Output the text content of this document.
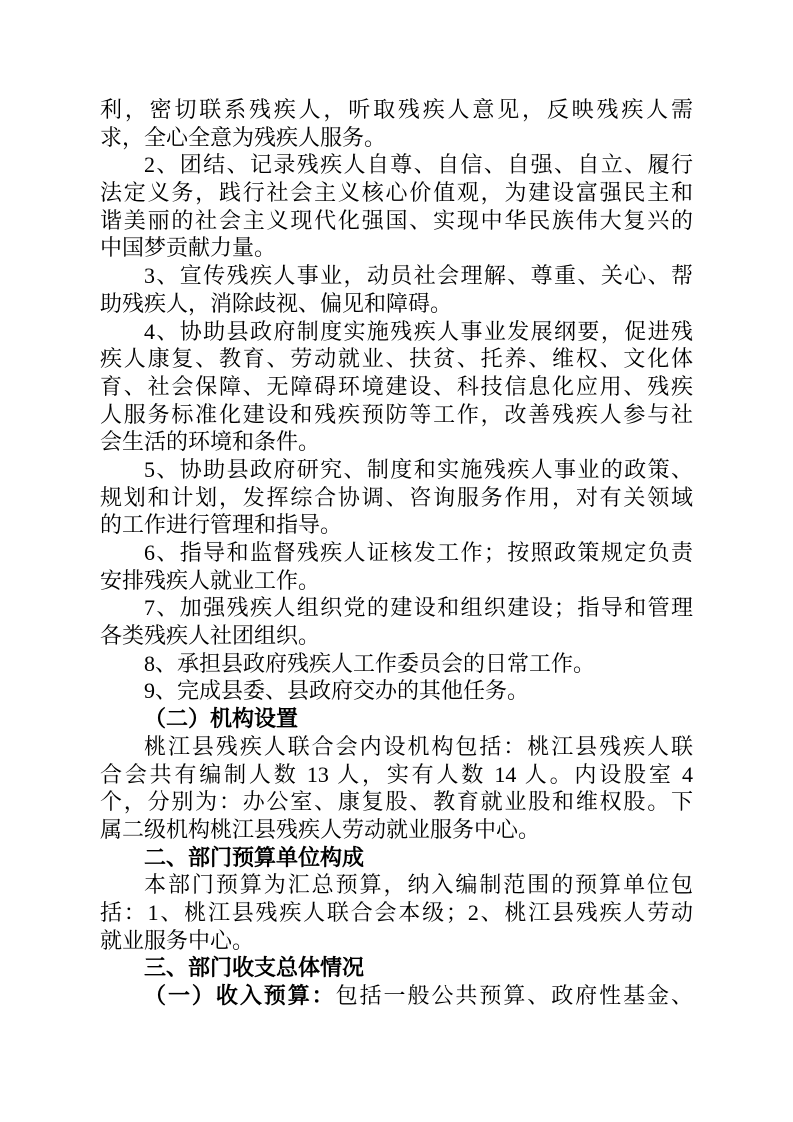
利，密切联系残疾人，听取残疾人意见，反映残疾人需
求，全心全意为残疾人服务。
2、团结、记录残疾人自尊、自信、自强、自立、履行
法定义务，践行社会主义核心价值观，为建设富强民主和
谐美丽的社会主义现代化强国、实现中华民族伟大复兴的
中国梦贡献力量。
3、宣传残疾人事业，动员社会理解、尊重、关心、帮
助残疾人，消除歧视、偏见和障碍。
4、协助县政府制度实施残疾人事业发展纲要，促进残
疾人康复、教育、劳动就业、扶贫、托养、维权、文化体
育、社会保障、无障碍环境建设、科技信息化应用、残疾
人服务标准化建设和残疾预防等工作，改善残疾人参与社
会生活的环境和条件。
5、协助县政府研究、制度和实施残疾人事业的政策、
规划和计划，发挥综合协调、咨询服务作用，对有关领域
的工作进行管理和指导。
6、指导和监督残疾人证核发工作；按照政策规定负责
安排残疾人就业工作。
7、加强残疾人组织党的建设和组织建设；指导和管理
各类残疾人社团组织。
8、承担县政府残疾人工作委员会的日常工作。
9、完成县委、县政府交办的其他任务。
（二）机构设置
桃江县残疾人联合会内设机构包括：桃江县残疾人联
合会共有编制人数 13 人，实有人数 14 人。内设股室 4
个，分别为：办公室、康复股、教育就业股和维权股。下
属二级机构桃江县残疾人劳动就业服务中心。
二、部门预算单位构成
本部门预算为汇总预算，纳入编制范围的预算单位包
括：1、桃江县残疾人联合会本级；2、桃江县残疾人劳动
就业服务中心。
三、部门收支总体情况
（一）收入预算：包括一般公共预算、政府性基金、
